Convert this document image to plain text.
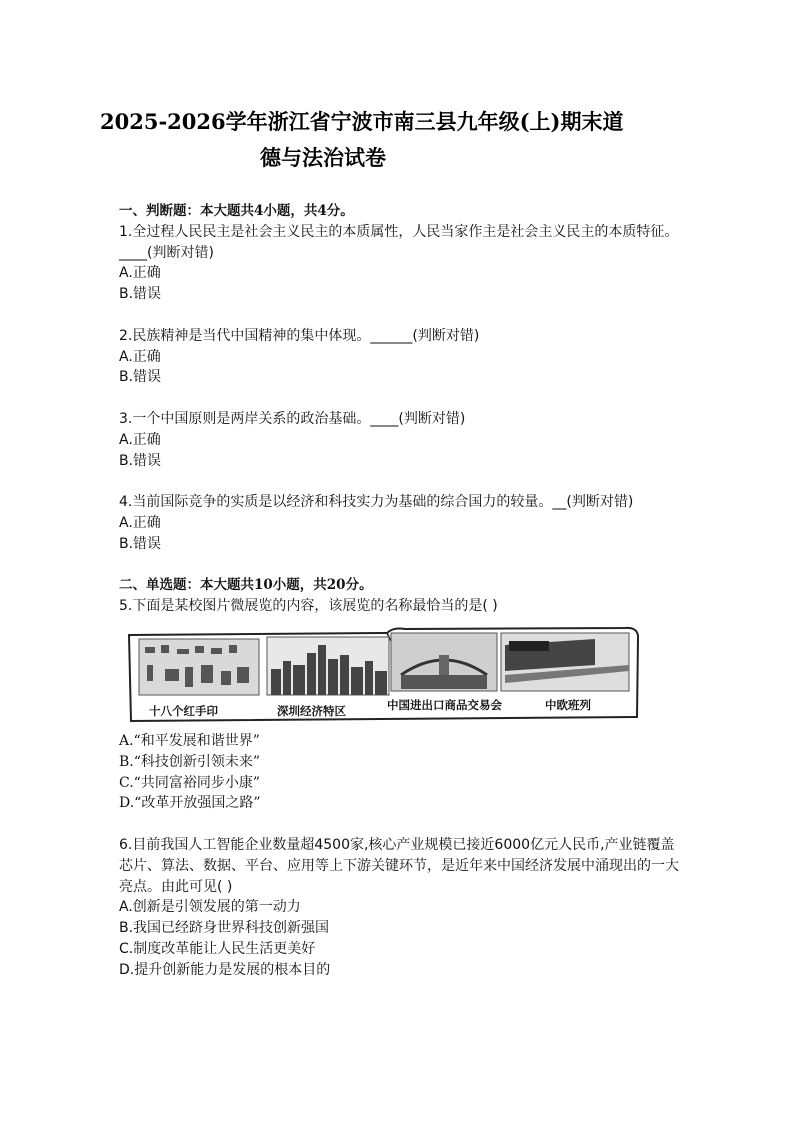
2025-2026学年浙江省宁波市南三县九年级(上)期末道
德与法治试卷
一、判断题：本大题共4小题，共4分。

1.全过程人民民主是社会主义民主的本质属性，人民当家作主是社会主义民主的本质特征。____(判断对错)

A.正确

B.错误

2.民族精神是当代中国精神的集中体现。______(判断对错)

A.正确

B.错误

3.一个中国原则是两岸关系的政治基础。____(判断对错)

A.正确

B.错误

4.当前国际竞争的实质是以经济和科技实力为基础的综合国力的较量。__(判断对错)

A.正确

B.错误

二、单选题：本大题共10小题，共20分。

5.下面是某校图片微展览的内容，该展览的名称最恰当的是( )

十八个红手印	深圳经济特区	中国进出口商品交易会	中欧班列

A.“和平发展和谐世界”

B.“科技创新引领未来”

C.“共同富裕同步小康”

D.“改革开放强国之路”

6.目前我国人工智能企业数量超4500家,核心产业规模已接近6000亿元人民币,产业链覆盖芯片、算法、数据、平台、应用等上下游关键环节，是近年来中国经济发展中涌现出的一大亮点。由此可见( )

A.创新是引领发展的第一动力

B.我国已经跻身世界科技创新强国

C.制度改革能让人民生活更美好

D.提升创新能力是发展的根本目的
